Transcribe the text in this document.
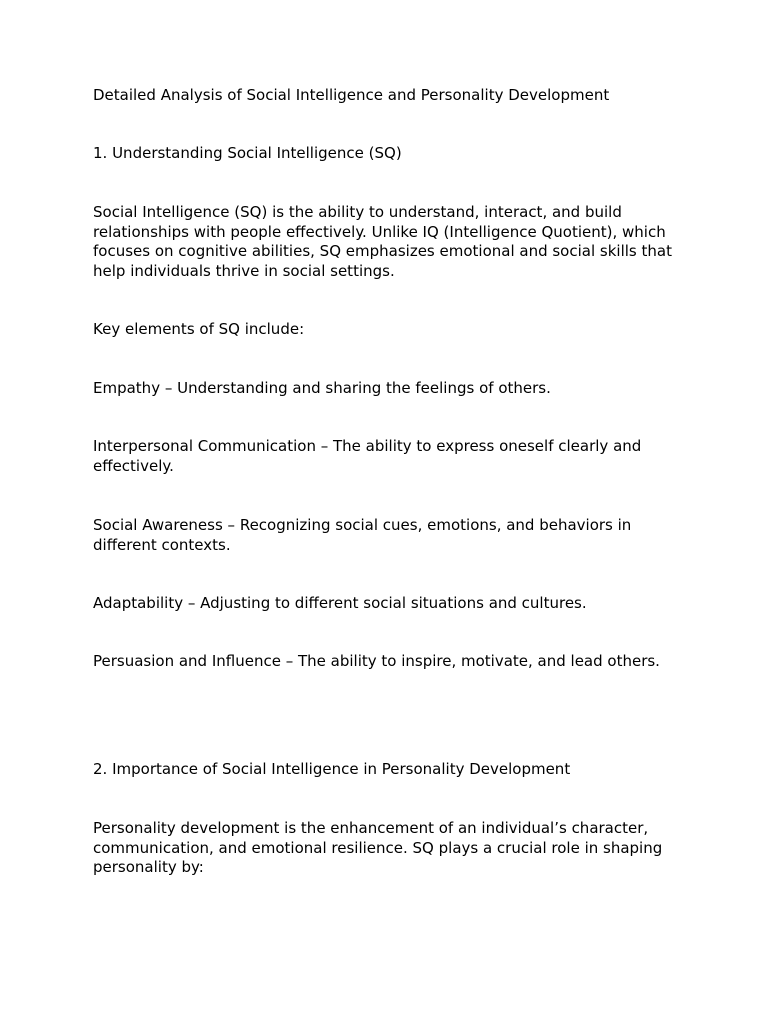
Detailed Analysis of Social Intelligence and Personality Development

1. Understanding Social Intelligence (SQ)

Social Intelligence (SQ) is the ability to understand, interact, and build relationships with people effectively. Unlike IQ (Intelligence Quotient), which focuses on cognitive abilities, SQ emphasizes emotional and social skills that help individuals thrive in social settings.

Key elements of SQ include:

Empathy – Understanding and sharing the feelings of others.

Interpersonal Communication – The ability to express oneself clearly and effectively.

Social Awareness – Recognizing social cues, emotions, and behaviors in different contexts.

Adaptability – Adjusting to different social situations and cultures.

Persuasion and Influence – The ability to inspire, motivate, and lead others.

2. Importance of Social Intelligence in Personality Development

Personality development is the enhancement of an individual’s character, communication, and emotional resilience. SQ plays a crucial role in shaping personality by:
